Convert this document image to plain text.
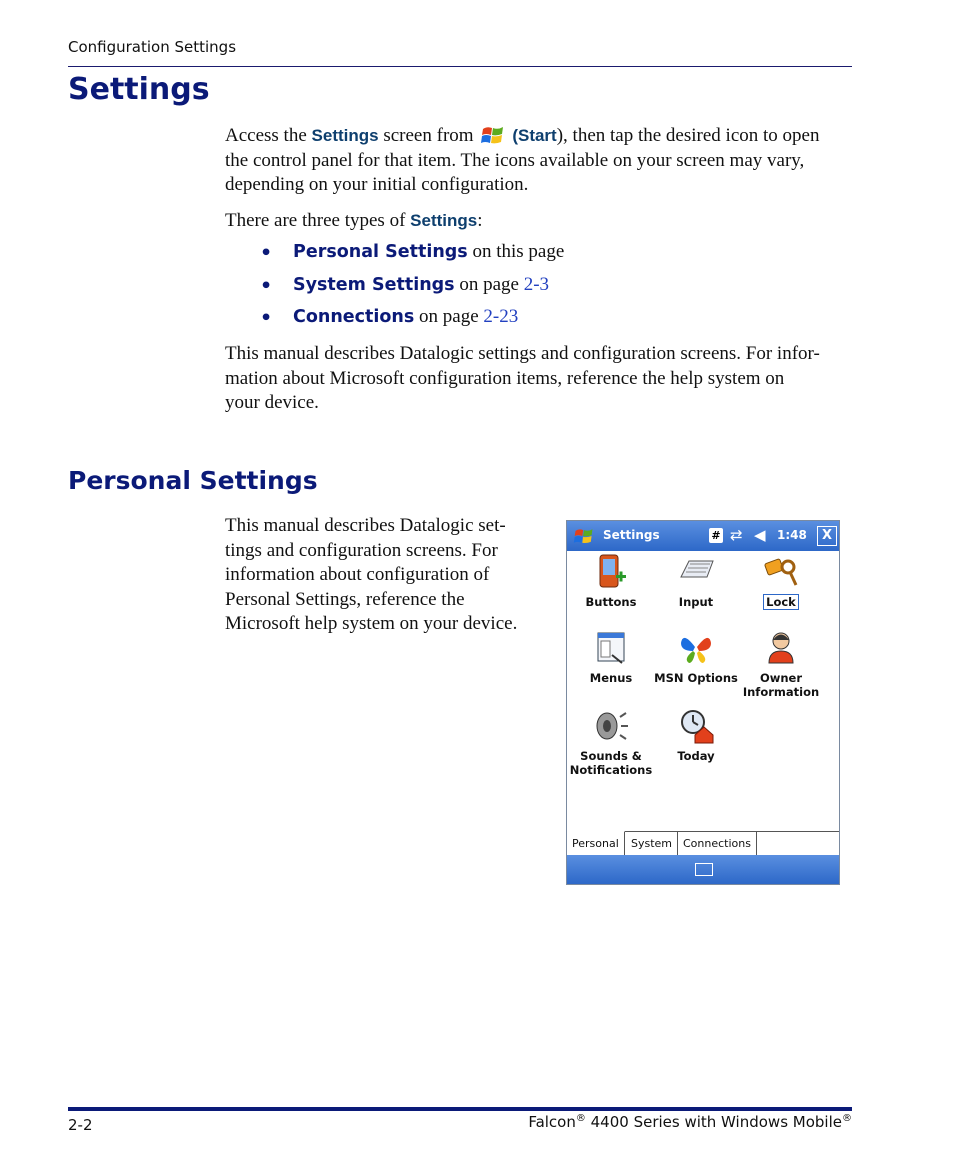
Configuration Settings
Settings
Access the Settings screen from (Start), then tap the desired icon to open
the control panel for that item. The icons available on your screen may vary,
depending on your initial configuration.
There are three types of Settings:
• Personal Settings on this page
• System Settings on page 2-3
• Connections on page 2-23
This manual describes Datalogic settings and configuration screens. For infor-
mation about Microsoft configuration items, reference the help system on
your device.
Personal Settings
This manual describes Datalogic set-
tings and configuration screens. For
information about configuration of
Personal Settings, reference the
Microsoft help system on your device.
Settings	# ⇄ ◀ 1:48	X
Buttons	Input	Lock
Menus	MSN Options	Owner
Information
Sounds &
Notifications
Today
Personal	System Connections
2-2	Falcon® 4400 Series with Windows Mobile®
